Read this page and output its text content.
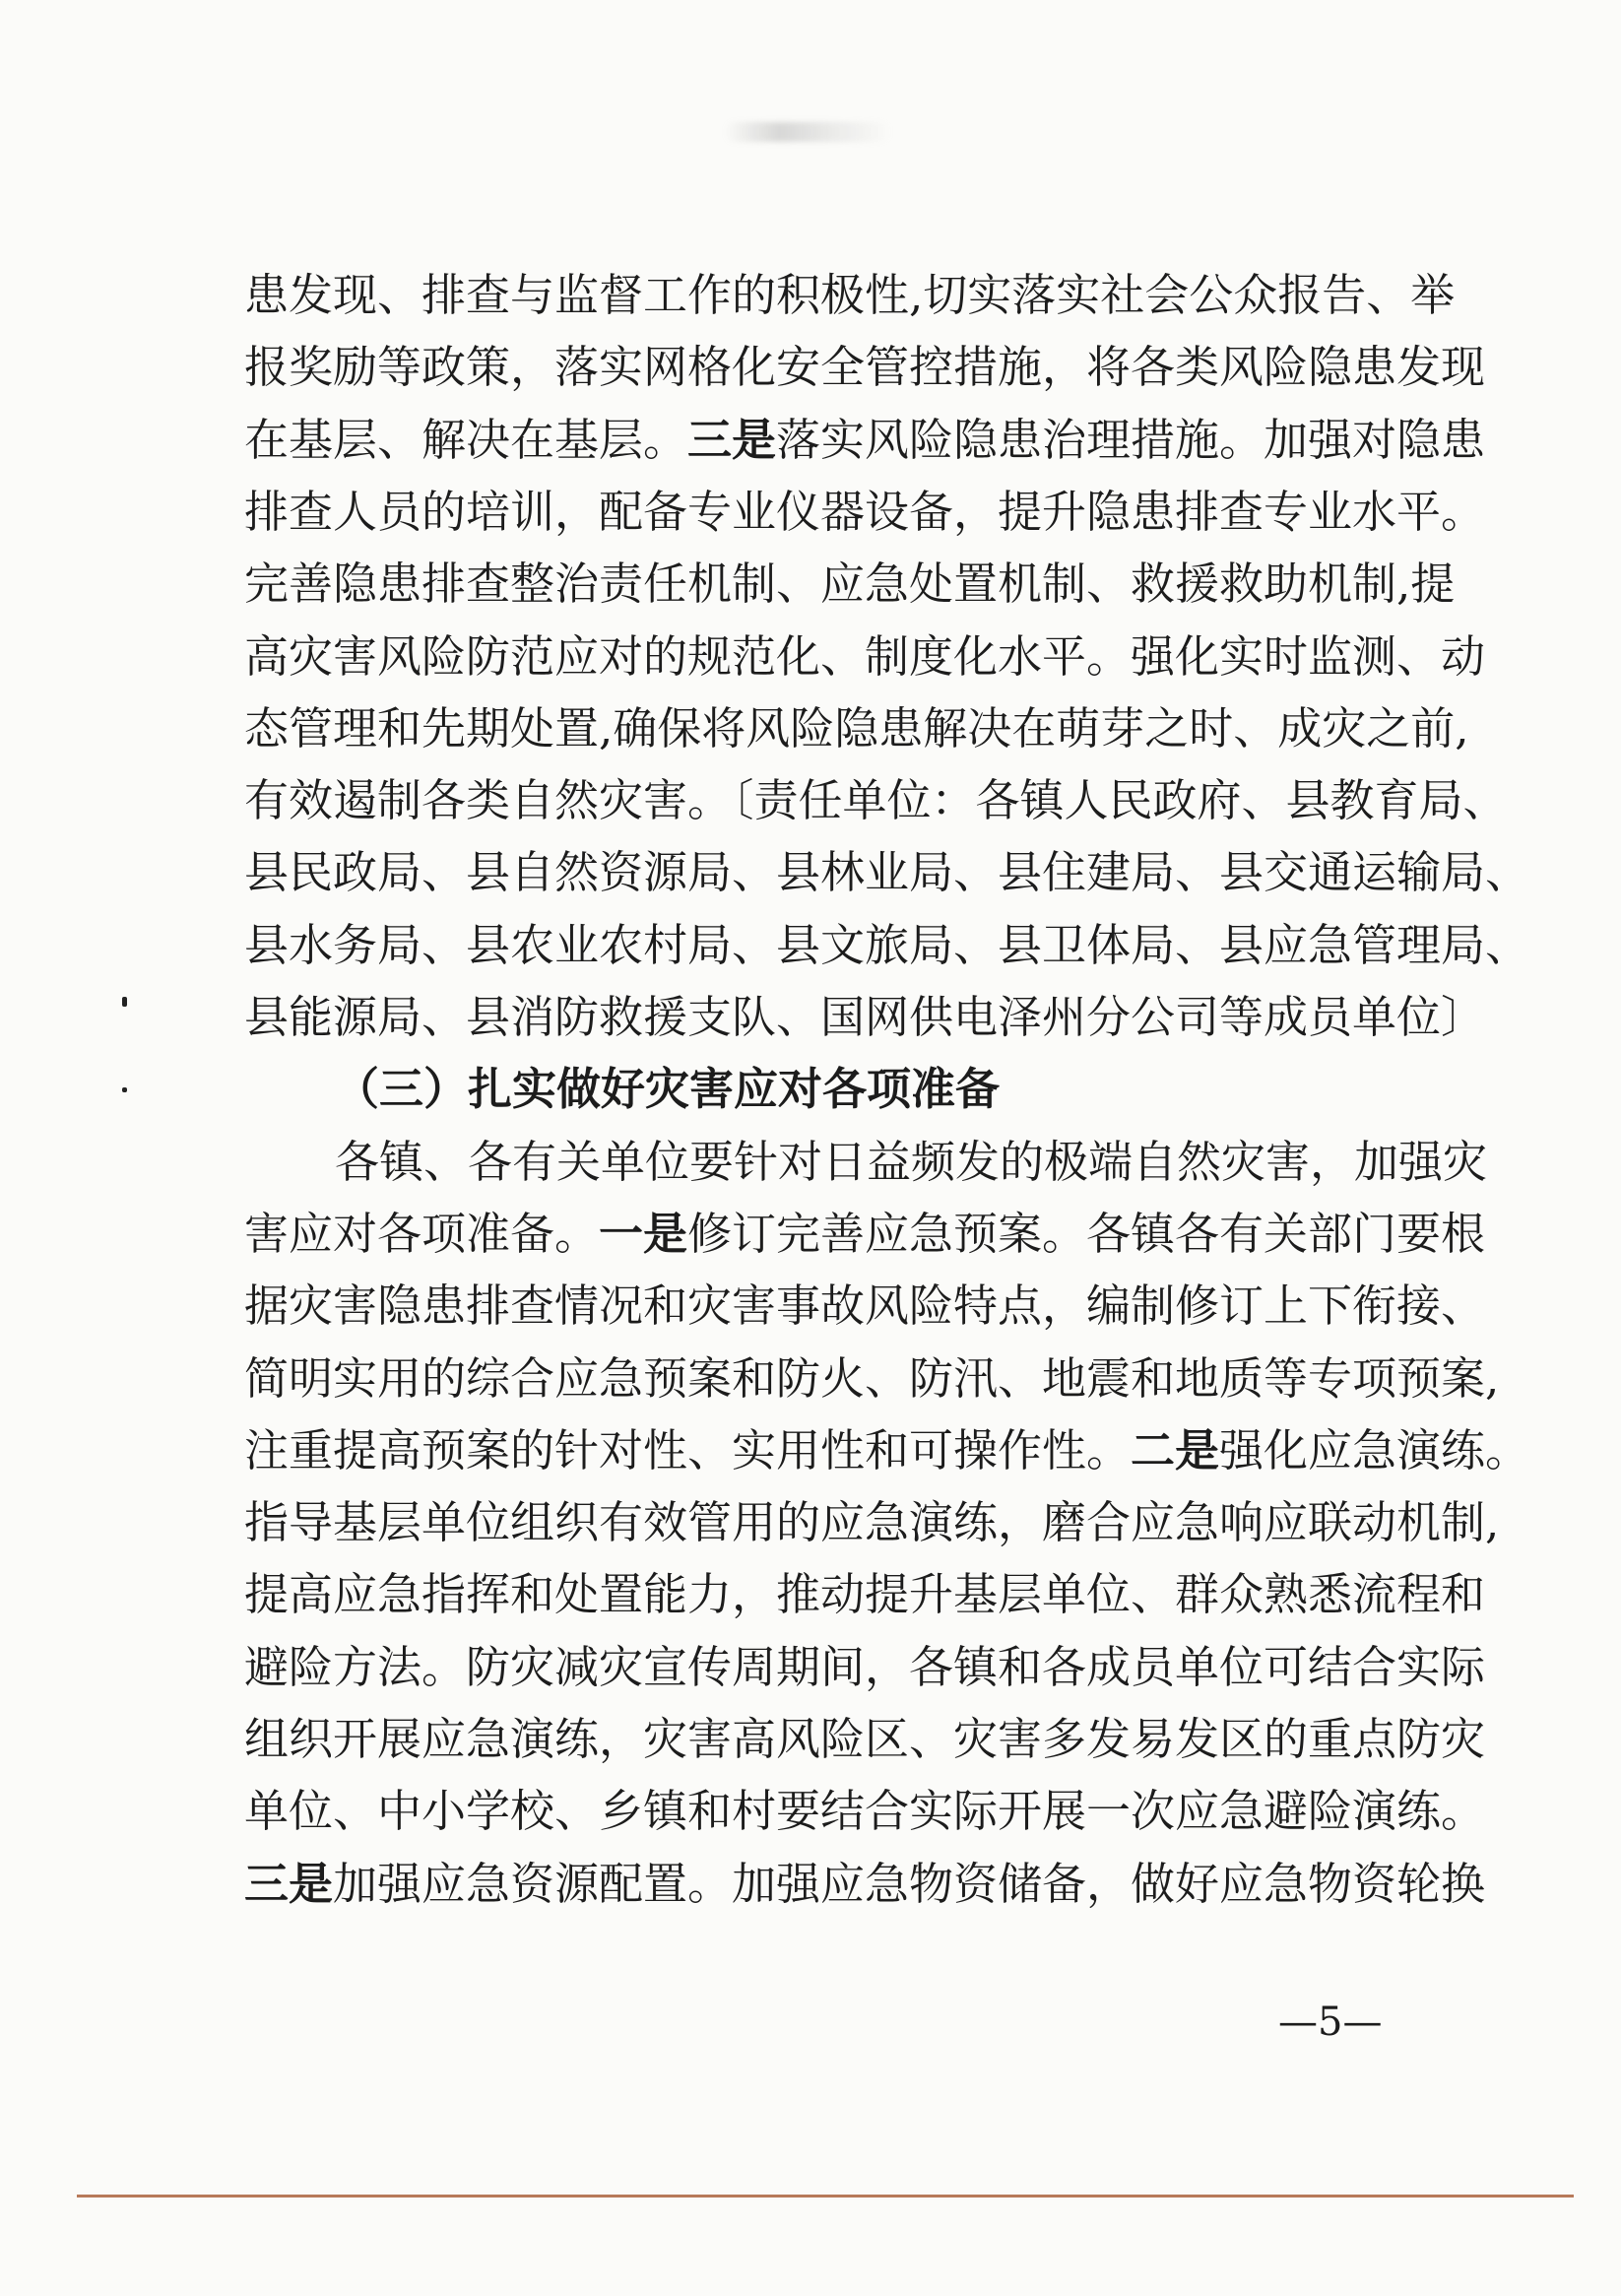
患发现、排查与监督工作的积极性,切实落实社会公众报告、举
报奖励等政策，落实网格化安全管控措施，将各类风险隐患发现
在基层、解决在基层。三是落实风险隐患治理措施。加强对隐患
排查人员的培训，配备专业仪器设备，提升隐患排查专业水平。
完善隐患排查整治责任机制、应急处置机制、救援救助机制,提
高灾害风险防范应对的规范化、制度化水平。强化实时监测、动
态管理和先期处置,确保将风险隐患解决在萌芽之时、成灾之前,
有效遏制各类自然灾害。〔责任单位：各镇人民政府、县教育局、
县民政局、县自然资源局、县林业局、县住建局、县交通运输局、
县水务局、县农业农村局、县文旅局、县卫体局、县应急管理局、
县能源局、县消防救援支队、国网供电泽州分公司等成员单位〕
（三）扎实做好灾害应对各项准备
各镇、各有关单位要针对日益频发的极端自然灾害，加强灾
害应对各项准备。一是修订完善应急预案。各镇各有关部门要根
据灾害隐患排查情况和灾害事故风险特点，编制修订上下衔接、
简明实用的综合应急预案和防火、防汛、地震和地质等专项预案,
注重提高预案的针对性、实用性和可操作性。二是强化应急演练。
指导基层单位组织有效管用的应急演练，磨合应急响应联动机制,
提高应急指挥和处置能力，推动提升基层单位、群众熟悉流程和
避险方法。防灾减灾宣传周期间，各镇和各成员单位可结合实际
组织开展应急演练，灾害高风险区、灾害多发易发区的重点防灾
单位、中小学校、乡镇和村要结合实际开展一次应急避险演练。
三是加强应急资源配置。加强应急物资储备，做好应急物资轮换
—5—
